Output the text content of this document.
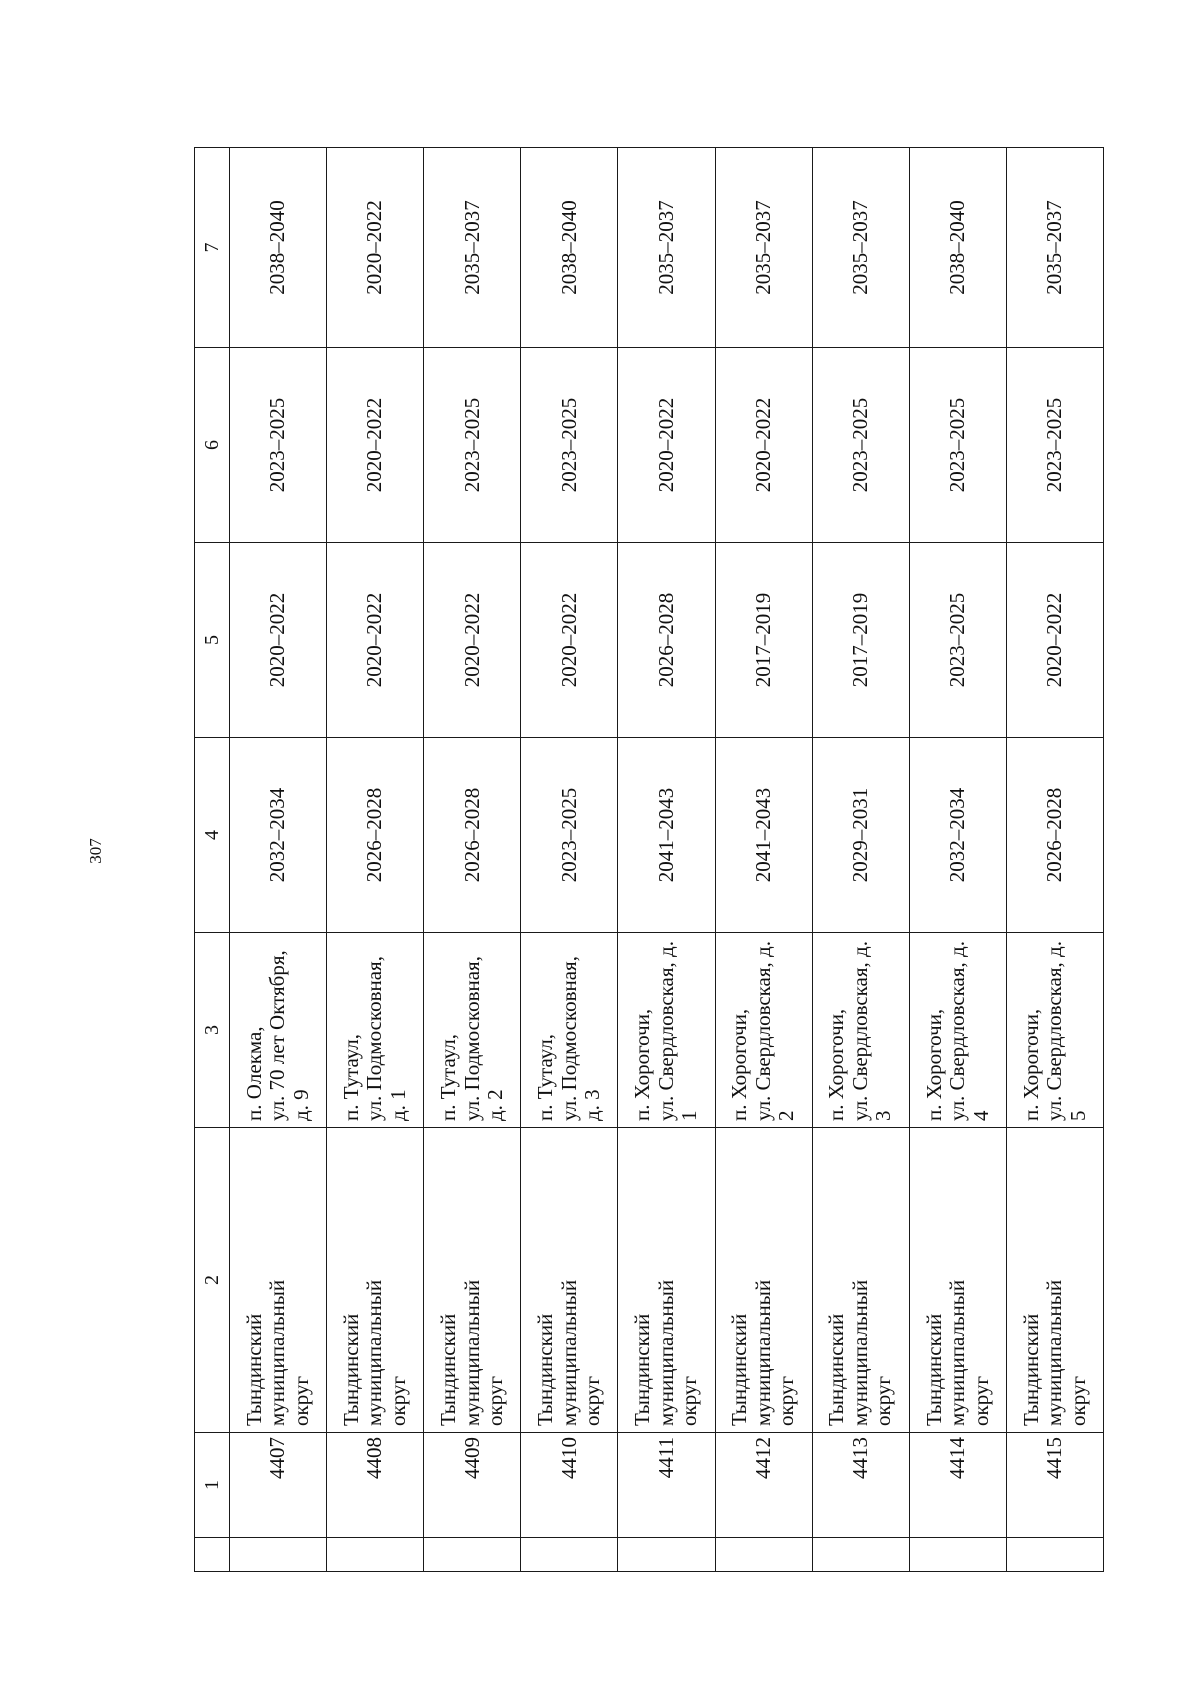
307
	1	2	3	4	5	6	7
	4407	Тындинский
муниципальный
округ	п. Олекма,
ул. 70 лет Октября, д. 9	2032–2034	2020–2022	2023–2025	2038–2040
	4408	Тындинский
муниципальный
округ	п. Тутаул,
ул. Подмосковная, д. 1	2026–2028	2020–2022	2020–2022	2020–2022
	4409	Тындинский
муниципальный
округ	п. Тутаул,
ул. Подмосковная, д. 2	2026–2028	2020–2022	2023–2025	2035–2037
	4410	Тындинский
муниципальный
округ	п. Тутаул,
ул. Подмосковная, д. 3	2023–2025	2020–2022	2023–2025	2038–2040
	4411	Тындинский
муниципальный
округ	п. Хорогочи,
ул. Свердловская, д. 1	2041–2043	2026–2028	2020–2022	2035–2037
	4412	Тындинский
муниципальный
округ	п. Хорогочи,
ул. Свердловская, д. 2	2041–2043	2017–2019	2020–2022	2035–2037
	4413	Тындинский
муниципальный
округ	п. Хорогочи,
ул. Свердловская, д. 3	2029–2031	2017–2019	2023–2025	2035–2037
	4414	Тындинский
муниципальный
округ	п. Хорогочи,
ул. Свердловская, д. 4	2032–2034	2023–2025	2023–2025	2038–2040
	4415	Тындинский
муниципальный
округ	п. Хорогочи,
ул. Свердловская, д. 5	2026–2028	2020–2022	2023–2025	2035–2037
